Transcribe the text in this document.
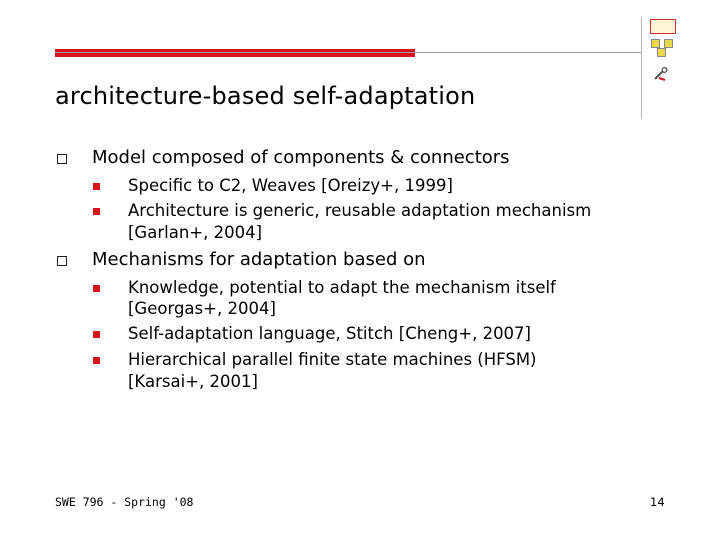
architecture-based self-adaptation
Model composed of components & connectors
Specific to C2, Weaves [Oreizy+, 1999]
Architecture is generic, reusable adaptation mechanism
[Garlan+, 2004]
Mechanisms for adaptation based on
Knowledge, potential to adapt the mechanism itself
[Georgas+, 2004]
Self-adaptation language, Stitch [Cheng+, 2007]
Hierarchical parallel finite state machines (HFSM)
[Karsai+, 2001]
SWE 796 - Spring '08	14
